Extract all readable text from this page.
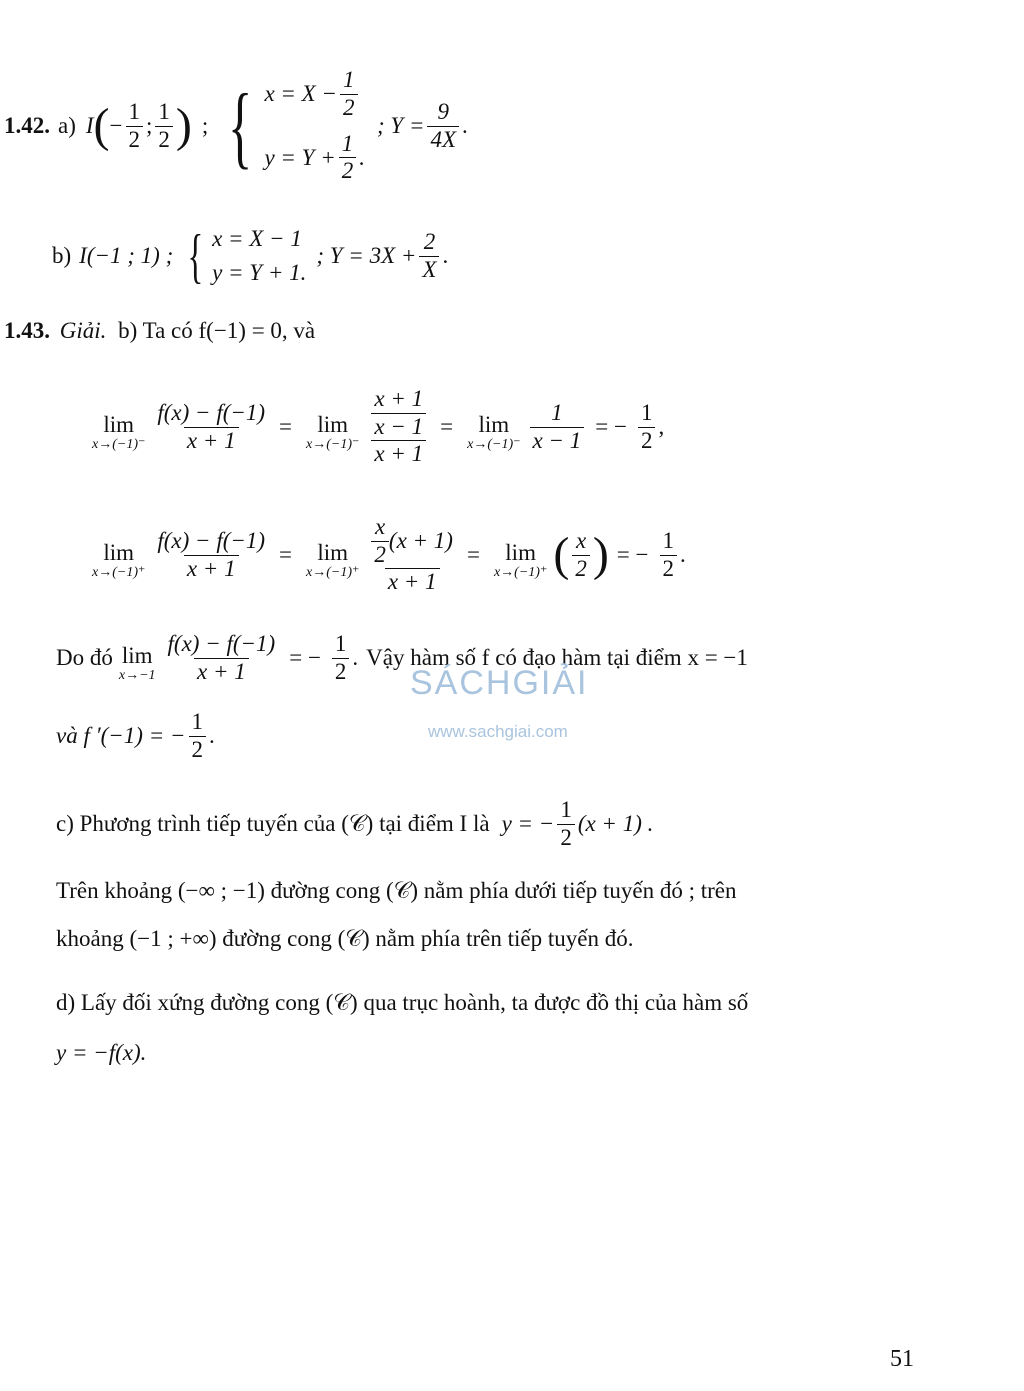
1.42. a) I ( − $\frac{1}{2}$ ; $\frac{1}{2}$ ) ; { $x = X - \frac{1}{2}$
$y = Y + \frac{1}{2}$ .
; $Y = \frac{9}{4X}$ .
b) I(−1 ; 1) ; { x = X − 1
y = Y + 1.
; $Y = 3X + \frac{2}{X}$ .
1.43. Giải. b) Ta có f(−1) = 0, và
lim
$x\to(-1)^- \frac{f(x) - f(-1)}{x + 1} = \lim$
$x\to(-1)^- \frac{\frac{x + 1}{x - 1}}{x + 1} = \lim$
$x\to(-1)^- \frac{1}{x - 1}$ = − $\frac{1}{2}$ ,
lim
$x\to(-1)^+ \frac{f(x) - f(-1)}{x + 1} = \lim$
$x\to(-1)^+ \frac{\frac{x}{2} (x + 1)}{x + 1} = \lim$
x→(−1)⁺ ( $\frac{x}{2}$ ) = − $\frac{1}{2}$ .
Do đó lim
$x\to-1 \frac{f(x) - f(-1)}{x + 1}$ = − $\frac{1}{2}$ . Vậy hàm số f có đạo hàm tại điểm x = −1
SÁCHGIẢI
www.sachgiai.com
và f ′(−1) = − $\frac{1}{2}$ .
c) Phương trình tiếp tuyến của (𝒞) tại điểm I là y = − $\frac{1}{2} (x + 1)$ .
Trên khoảng (−∞ ; −1) đường cong (𝒞) nằm phía dưới tiếp tuyến đó ; trên
khoảng (−1 ; +∞) đường cong (𝒞) nằm phía trên tiếp tuyến đó.
d) Lấy đối xứng đường cong (𝒞) qua trục hoành, ta được đồ thị của hàm số
y = −f(x).
51
